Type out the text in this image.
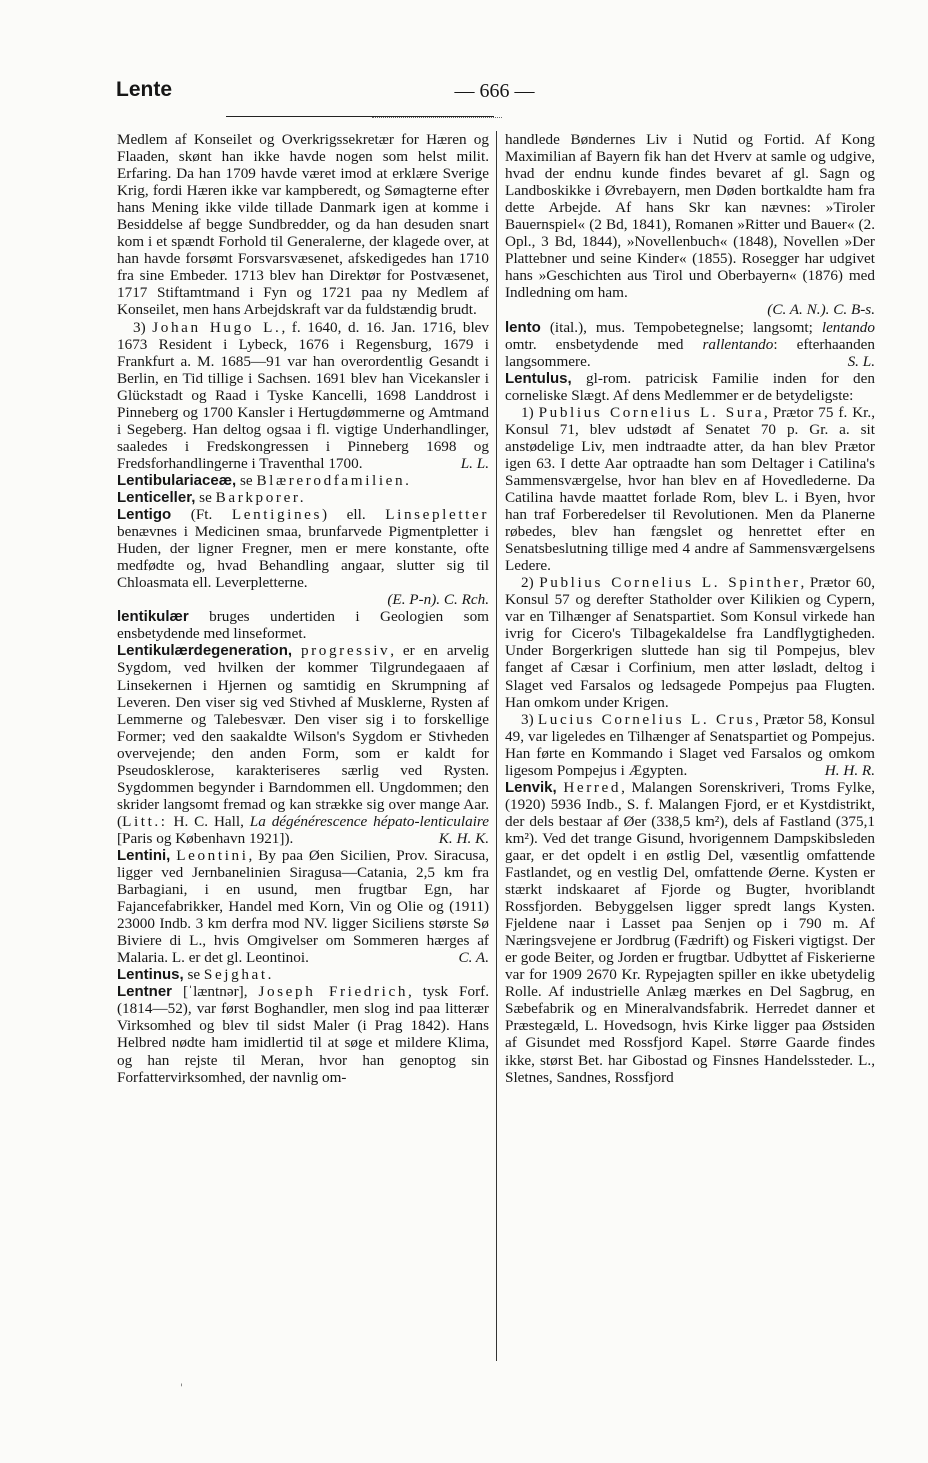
Lente	— 666 —

Medlem af Konseilet og Overkrigssekretær for Hæren og Flaaden, skønt han ikke havde nogen som helst milit. Erfaring. Da han 1709 havde været imod at erklære Sverige Krig, fordi Hæren ikke var kampberedt, og Sømagterne efter hans Mening ikke vilde tillade Danmark igen at komme i Besiddelse af begge Sundbredder, og da han desuden snart kom i et spændt Forhold til Generalerne, der klagede over, at han havde forsømt Forsvarsvæsenet, afskedigedes han 1710 fra sine Embeder. 1713 blev han Direktør for Postvæsenet, 1717 Stiftamtmand i Fyn og 1721 paa ny Medlem af Konseilet, men hans Arbejdskraft var da fuldstændig brudt.

3) Johan Hugo L., f. 1640, d. 16. Jan. 1716, blev 1673 Resident i Lybeck, 1676 i Regensburg, 1679 i Frankfurt a. M. 1685—91 var han overordentlig Gesandt i Berlin, en Tid tillige i Sachsen. 1691 blev han Vicekansler i Glückstadt og Raad i Tyske Kancelli, 1698 Landdrost i Pinneberg og 1700 Kansler i Hertugdømmerne og Amtmand i Segeberg. Han deltog ogsaa i fl. vigtige Underhandlinger, saaledes i Fredskongressen i Pinneberg 1698 og Fredsforhandlingerne i Traventhal 1700.	L. L.

Lentibulariaceæ, se Blærerodfamilien.

Lenticeller, se Barkporer.

Lentigo (Ft. Lentigines) ell. Linsepletter benævnes i Medicinen smaa, brunfarvede Pigmentpletter i Huden, der ligner Fregner, men er mere konstante, ofte medfødte og, hvad Behandling angaar, slutter sig til Chloasmata ell. Leverpletterne.
(E. P-n). C. Rch.

lentikulær bruges undertiden i Geologien som ensbetydende med linseformet.

Lentikulærdegeneration, progressiv, er en arvelig Sygdom, ved hvilken der kommer Tilgrundegaaen af Linsekernen i Hjernen og samtidig en Skrumpning af Leveren. Den viser sig ved Stivhed af Musklerne, Rysten af Lemmerne og Talebesvær. Den viser sig i to forskellige Former; ved den saakaldte Wilson's Sygdom er Stivheden overvejende; den anden Form, som er kaldt for Pseudosklerose, karakteriseres særlig ved Rysten. Sygdommen begynder i Barndommen ell. Ungdommen; den skrider langsomt fremad og kan strække sig over mange Aar. (Litt.: H. C. Hall, La dégénérescence hépato-lenticulaire [Paris og København 1921]).	K. H. K.

Lentini, Leontini, By paa Øen Sicilien, Prov. Siracusa, ligger ved Jernbanelinien Siragusa—Catania, 2,5 km fra Barbagiani, i en usund, men frugtbar Egn, har Fajancefabrikker, Handel med Korn, Vin og Olie og (1911) 23000 Indb. 3 km derfra mod NV. ligger Siciliens største Sø Biviere di L., hvis Omgivelser om Sommeren hærges af Malaria. L. er det gl. Leontinoi.	C. A.

Lentinus, se Sejghat.

Lentner [ˈlæntnər], Joseph Friedrich, tysk Forf. (1814—52), var først Boghandler, men slog ind paa litterær Virksomhed og blev til sidst Maler (i Prag 1842). Hans Helbred nødte ham imidlertid til at søge et mildere Klima, og han rejste til Meran, hvor han genoptog sin Forfattervirksomhed, der navnlig om-

handlede Bøndernes Liv i Nutid og Fortid. Af Kong Maximilian af Bayern fik han det Hverv at samle og udgive, hvad der endnu kunde findes bevaret af gl. Sagn og Landboskikke i Øvrebayern, men Døden bortkaldte ham fra dette Arbejde. Af hans Skr kan nævnes: »Tiroler Bauernspiel« (2 Bd, 1841), Romanen »Ritter und Bauer« (2. Opl., 3 Bd, 1844), »Novellenbuch« (1848), Novellen »Der Plattebner und seine Kinder« (1855). Rosegger har udgivet hans »Geschichten aus Tirol und Oberbayern« (1876) med Indledning om ham.
(C. A. N.). C. B-s.

lento (ital.), mus. Tempobetegnelse; langsomt; lentando omtr. ensbetydende med rallentando: efterhaanden langsommere.	S. L.

Lentulus, gl-rom. patricisk Familie inden for den corneliske Slægt. Af dens Medlemmer er de betydeligste:

1) Publius Cornelius L. Sura, Prætor 75 f. Kr., Konsul 71, blev udstødt af Senatet 70 p. Gr. a. sit anstødelige Liv, men indtraadte atter, da han blev Prætor igen 63. I dette Aar optraadte han som Deltager i Catilina's Sammensværgelse, hvor han blev en af Hovedlederne. Da Catilina havde maattet forlade Rom, blev L. i Byen, hvor han traf Forberedelser til Revolutionen. Men da Planerne røbedes, blev han fængslet og henrettet efter en Senatsbeslutning tillige med 4 andre af Sammensværgelsens Ledere.

2) Publius Cornelius L. Spinther, Prætor 60, Konsul 57 og derefter Statholder over Kilikien og Cypern, var en Tilhænger af Senatspartiet. Som Konsul virkede han ivrig for Cicero's Tilbagekaldelse fra Landflygtigheden. Under Borgerkrigen sluttede han sig til Pompejus, blev fanget af Cæsar i Corfinium, men atter løsladt, deltog i Slaget ved Farsalos og ledsagede Pompejus paa Flugten. Han omkom under Krigen.

3) Lucius Cornelius L. Crus, Prætor 58, Konsul 49, var ligeledes en Tilhænger af Senatspartiet og Pompejus. Han førte en Kommando i Slaget ved Farsalos og omkom ligesom Pompejus i Ægypten.	H. H. R.

Lenvik, Herred, Malangen Sorenskriveri, Troms Fylke, (1920) 5936 Indb., S. f. Malangen Fjord, er et Kystdistrikt, der dels bestaar af Øer (338,5 km²), dels af Fastland (375,1 km²). Ved det trange Gisund, hvorigennem Dampskibsleden gaar, er det opdelt i en østlig Del, væsentlig omfattende Fastlandet, og en vestlig Del, omfattende Øerne. Kysten er stærkt indskaaret af Fjorde og Bugter, hvoriblandt Rossfjorden. Bebyggelsen ligger spredt langs Kysten. Fjeldene naar i Lasset paa Senjen op i 790 m. Af Næringsvejene er Jordbrug (Fædrift) og Fiskeri vigtigst. Der er gode Beiter, og Jorden er frugtbar. Udbyttet af Fiskerierne var for 1909 2670 Kr. Rypejagten spiller en ikke ubetydelig Rolle. Af industrielle Anlæg mærkes en Del Sagbrug, en Sæbefabrik og en Mineralvandsfabrik. Herredet danner et Præstegæld, L. Hovedsogn, hvis Kirke ligger paa Østsiden af Gisundet med Rossfjord Kapel. Større Gaarde findes ikke, størst Bet. har Gibostad og Finsnes Handelssteder. L., Sletnes, Sandnes, Rossfjord

'
